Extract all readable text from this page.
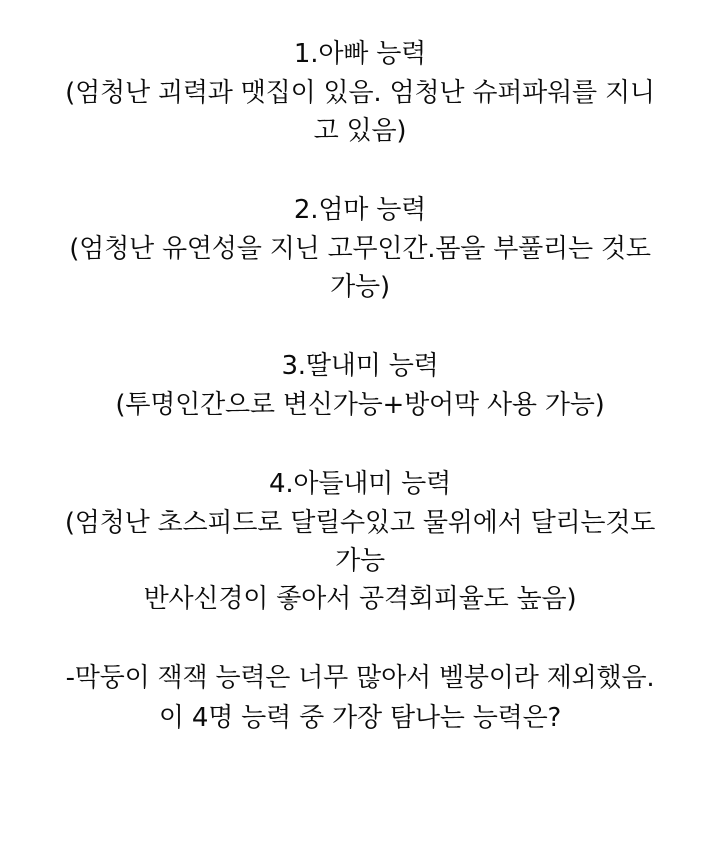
1.아빠 능력
(엄청난 괴력과 맷집이 있음. 엄청난 슈퍼파워를 지니
고 있음)
2.엄마 능력
(엄청난 유연성을 지닌 고무인간.몸을 부풀리는 것도
가능)
3.딸내미 능력
(투명인간으로 변신가능+방어막 사용 가능)
4.아들내미 능력
(엄청난 초스피드로 달릴수있고 물위에서 달리는것도
가능
반사신경이 좋아서 공격회피율도 높음)
-막둥이 잭잭 능력은 너무 많아서 벨붕이라 제외했음.
이 4명 능력 중 가장 탐나는 능력은?
